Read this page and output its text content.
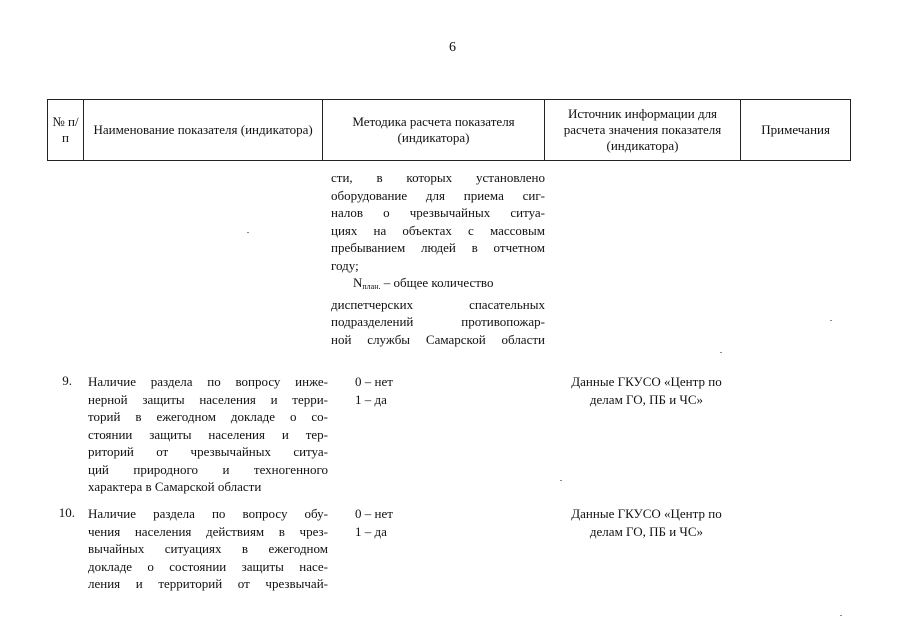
6
№ п/п
Наименование показателя (индикатора)
Методика расчета показателя (индикатора)
Источник информации для расчета значения показателя (индикатора)
Примечания
сти, в которых установлено
оборудование для приема сиг-
налов о чрезвычайных ситуа-
циях на объектах с массовым
пребыванием людей в отчетном
году;
$N_{план.}$ – общее количество
диспетчерских спасательных
подразделений противопожар-
ной службы Самарской области
9. Наличие раздела по вопросу инже-
нерной защиты населения и терри-
торий в ежегодном докладе о со-
стоянии защиты населения и тер-
риторий от чрезвычайных ситуа-
ций природного и техногенного
характера в Самарской области
0 – нет
1 – да
Данные ГКУСО «Центр по
делам ГО, ПБ и ЧС»
10. Наличие раздела по вопросу обу-
чения населения действиям в чрез-
вычайных ситуациях в ежегодном
докладе о состоянии защиты насе-
ления и территорий от чрезвычай-
0 – нет
1 – да
Данные ГКУСО «Центр по
делам ГО, ПБ и ЧС»
